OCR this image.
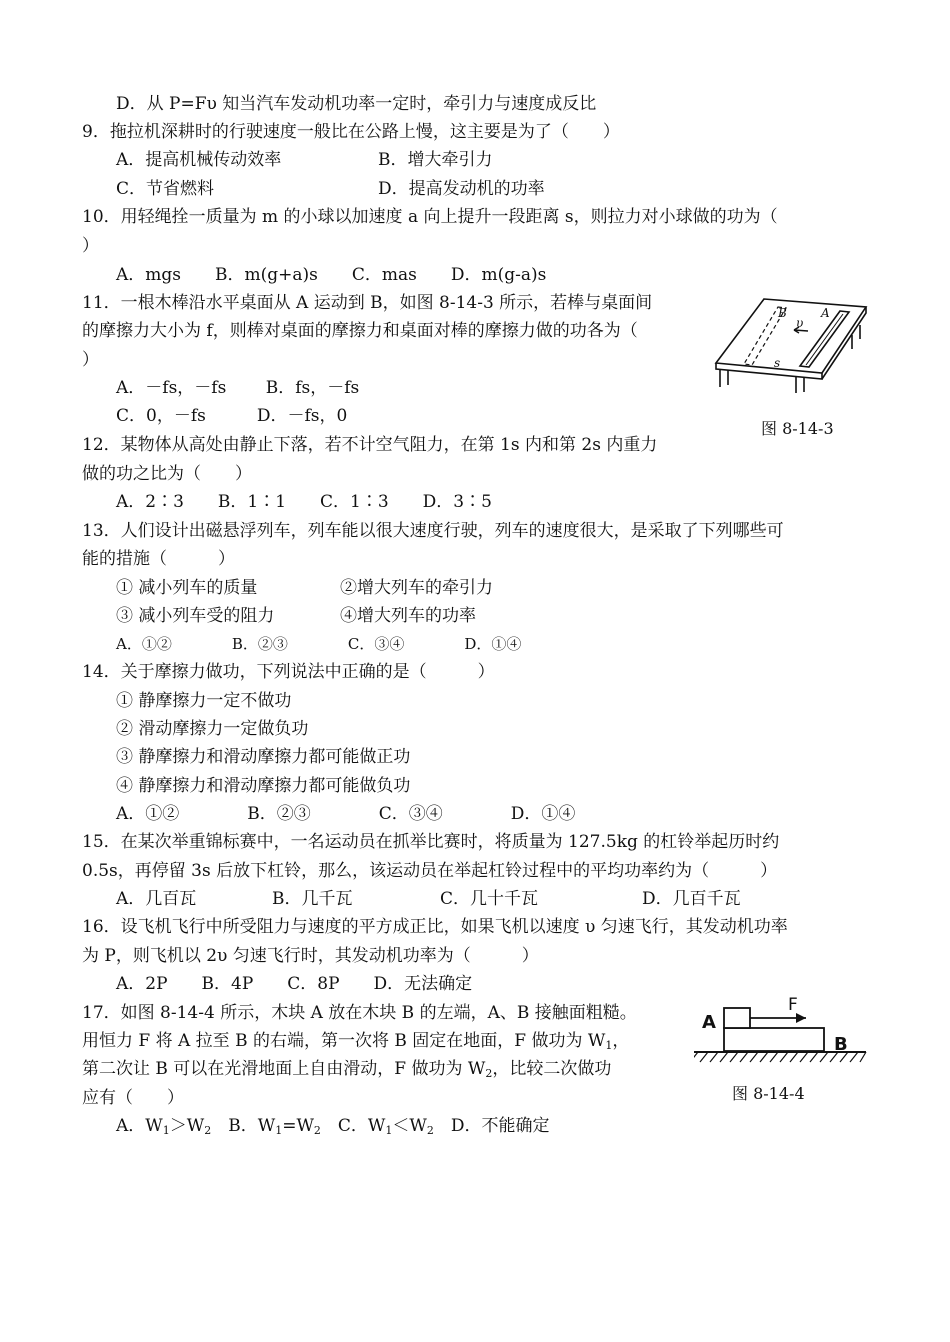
D．从 P=Fυ 知当汽车发动机功率一定时，牵引力与速度成反比
9．拖拉机深耕时的行驶速度一般比在公路上慢，这主要是为了（　　）
A．提高机械传动效率	B．增大牵引力
C．节省燃料	D．提高发动机的功率
10．用轻绳拴一质量为 m 的小球以加速度 a 向上提升一段距离 s，则拉力对小球做的功为（
）
A．mgs　　B．m(g+a)s　　C．mas　　D．m(g-a)s
11．一根木棒沿水平桌面从 A 运动到 B，如图 8-14-3 所示，若棒与桌面间
的摩擦力大小为 f，则棒对桌面的摩擦力和桌面对棒的摩擦力做的功各为（
）
A．－fs，－fs　　 B．fs，－fs
C．0，－fs　　　D．－fs，0
B	A
υ
s
图 8-14-3
12．某物体从高处由静止下落，若不计空气阻力，在第 1s 内和第 2s 内重力
做的功之比为（　　）
A．2∶3　　B．1∶1　　C．1∶3　　D．3∶5
13．人们设计出磁悬浮列车，列车能以很大速度行驶，列车的速度很大，是采取了下列哪些可
能的措施（　　　）
① 减小列车的质量	②增大列车的牵引力
③ 减小列车受的阻力	④增大列车的功率
A．①②　　　　B．②③　　　　C．③④　　　　D．①④
14．关于摩擦力做功，下列说法中正确的是（　　　）
① 静摩擦力一定不做功
② 滑动摩擦力一定做负功
③ 静摩擦力和滑动摩擦力都可能做正功
④ 静摩擦力和滑动摩擦力都可能做负功
A．①②　　　　B．②③　　　　C．③④　　　　D．①④
15．在某次举重锦标赛中，一名运动员在抓举比赛时，将质量为 127.5kg 的杠铃举起历时约
0.5s，再停留 3s 后放下杠铃，那么，该运动员在举起杠铃过程中的平均功率约为（　　　）
A．几百瓦	B．几千瓦	C．几十千瓦	D．几百千瓦
16．设飞机飞行中所受阻力与速度的平方成正比，如果飞机以速度 υ 匀速飞行，其发动机功率
为 P，则飞机以 2υ 匀速飞行时，其发动机功率为（　　　）
A．2P　　B．4P　　C．8P　　D．无法确定
17．如图 8-14-4 所示，木块 A 放在木块 B 的左端，A、B 接触面粗糙。
用恒力 F 将 A 拉至 B 的右端，第一次将 B 固定在地面，F 做功为 $W_1$，
第二次让 B 可以在光滑地面上自由滑动，F 做功为 $W_2$，比较二次做功
应有（　　）
A．$W_1>W_2$　B．$W_1=W_2$　C．$W_1<W_2$　D．不能确定
A
F
B
图 8-14-4
